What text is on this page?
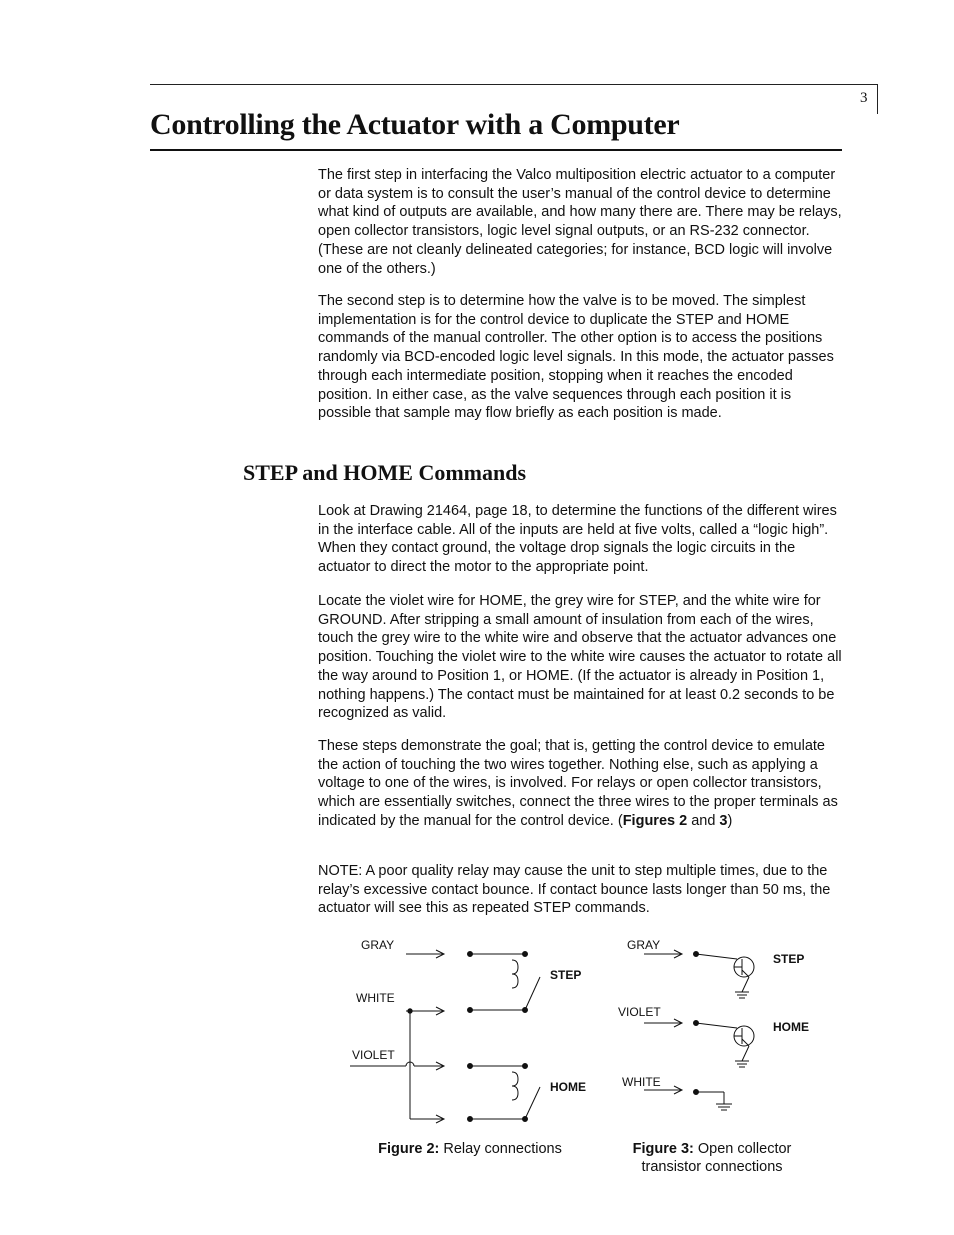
3
Controlling the Actuator with a Computer

The first step in interfacing the Valco multiposition electric actuator to a computer or data system is to consult the user’s manual of the control device to determine what kind of outputs are available, and how many there are. There may be relays, open collector transistors, logic level signal outputs, or an RS-232 connector. (These are not cleanly delineated categories; for instance, BCD logic will involve one of the others.)

The second step is to determine how the valve is to be moved. The simplest implementation is for the control device to duplicate the STEP and HOME commands of the manual controller. The other option is to access the positions randomly via BCD-encoded logic level signals. In this mode, the actuator passes through each intermediate position, stopping when it reaches the encoded position. In either case, as the valve sequences through each position it is possible that sample may flow briefly as each position is made.

STEP and HOME Commands

Look at Drawing 21464, page 18, to determine the functions of the different wires in the interface cable. All of the inputs are held at five volts, called a “logic high”. When they contact ground, the voltage drop signals the logic circuits in the actuator to direct the motor to the appropriate point.

Locate the violet wire for HOME, the grey wire for STEP, and the white wire for GROUND. After stripping a small amount of insulation from each of the wires, touch the grey wire to the white wire and observe that the actuator advances one position. Touching the violet wire to the white wire causes the actuator to rotate all the way around to Position 1, or HOME. (If the actuator is already in Position 1, nothing happens.) The contact must be maintained for at least 0.2 seconds to be recognized as valid.

These steps demonstrate the goal; that is, getting the control device to emulate the action of touching the two wires together. Nothing else, such as applying a voltage to one of the wires, is involved. For relays or open collector transistors, which are essentially switches, connect the three wires to the proper terminals as indicated by the manual for the control device. (Figures 2 and 3)

NOTE: A poor quality relay may cause the unit to step multiple times, due to the relay’s excessive contact bounce. If contact bounce lasts longer than 50 ms, the actuator will see this as repeated STEP commands.

GRAY
WHITE
VIOLET
STEP
HOME
Figure 2: Relay connections
GRAY
VIOLET
WHITE
STEP
HOME
Figure 3: Open collector
transistor connections
